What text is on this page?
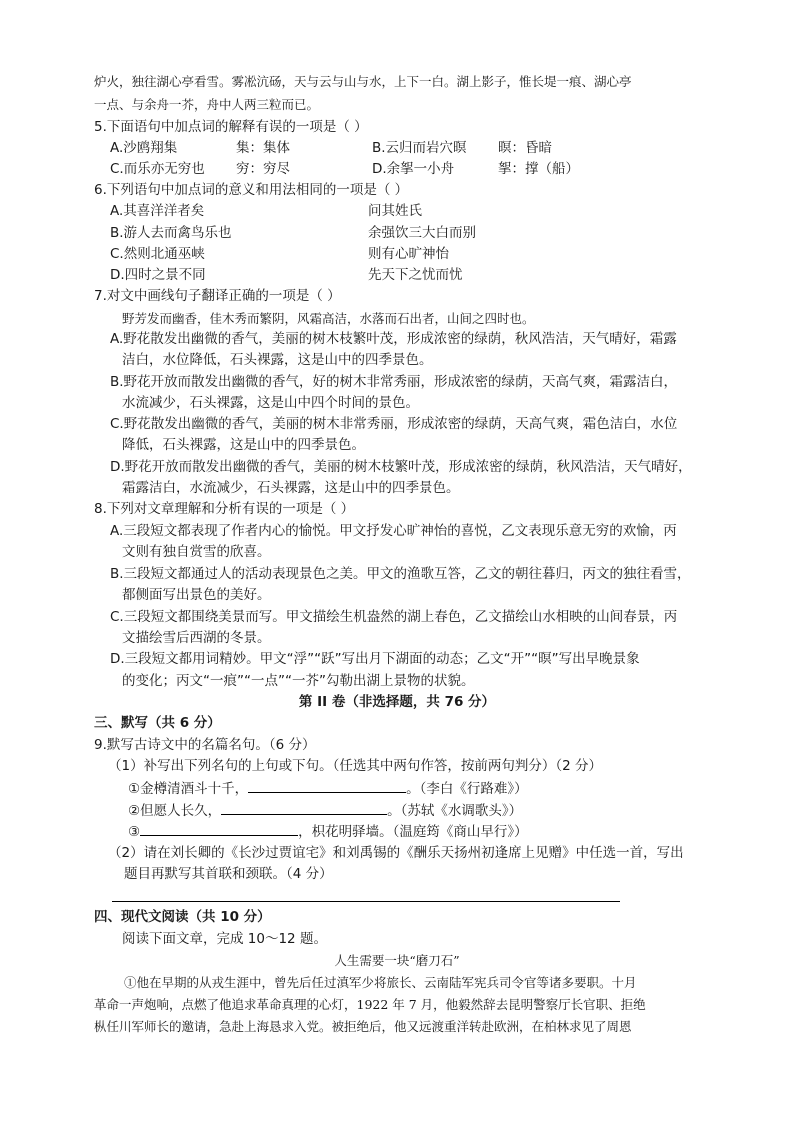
炉火，独往湖心亭看雪。雾凇沆砀，天与云与山与水，上下一白。湖上影子，惟长堤一痕、湖心亭
一点、与余舟一芥，舟中人两三粒而已。
5.下面语句中加点词的解释有误的一项是（ ）
A.沙鸥翔集	集：集体	B.云归而岩穴暝 暝：昏暗
C.而乐亦无穷也 穷：穷尽	D.余挐一小舟	挐：撑（船）
6.下列语句中加点词的意义和用法相同的一项是（ ）
A.其喜洋洋者矣	问其姓氏
B.游人去而禽鸟乐也	余强饮三大白而别
C.然则北通巫峡	则有心旷神怡
D.四时之景不同	先天下之忧而忧
7.对文中画线句子翻译正确的一项是（ ）
野芳发而幽香，佳木秀而繁阴，风霜高洁，水落而石出者，山间之四时也。
A.野花散发出幽微的香气，美丽的树木枝繁叶茂，形成浓密的绿荫，秋风浩洁，天气晴好，霜露
洁白，水位降低，石头裸露，这是山中的四季景色。
B.野花开放而散发出幽微的香气，好的树木非常秀丽，形成浓密的绿荫，天高气爽，霜露洁白，
水流减少，石头裸露，这是山中四个时间的景色。
C.野花散发出幽微的香气，美丽的树木非常秀丽，形成浓密的绿荫，天高气爽，霜色洁白，水位
降低，石头裸露，这是山中的四季景色。
D.野花开放而散发出幽微的香气，美丽的树木枝繁叶茂，形成浓密的绿荫，秋风浩洁，天气晴好，
霜露洁白，水流减少，石头裸露，这是山中的四季景色。
8.下列对文章理解和分析有误的一项是（ ）
A.三段短文都表现了作者内心的愉悦。甲文抒发心旷神怡的喜悦，乙文表现乐意无穷的欢愉，丙
文则有独自赏雪的欣喜。
B.三段短文都通过人的活动表现景色之美。甲文的渔歌互答，乙文的朝往暮归，丙文的独往看雪，
都侧面写出景色的美好。
C.三段短文都围绕美景而写。甲文描绘生机盎然的湖上春色，乙文描绘山水相映的山间春景，丙
文描绘雪后西湖的冬景。
D.三段短文都用词精妙。甲文“浮”“跃”写出月下湖面的动态；乙文“开”“暝”写出早晚景象
的变化；丙文“一痕”“一点”“一芥”勾勒出湖上景物的状貌。
第 II 卷（非选择题，共 76 分）
三、默写（共 6 分）
9.默写古诗文中的名篇名句。（6 分）
（1）补写出下列名句的上句或下句。（任选其中两句作答，按前两句判分）（2 分）
①金樽清酒斗十千，	。（李白《行路难》）
②但愿人长久，	。（苏轼《水调歌头》）
③	，枳花明驿墙。（温庭筠《商山早行》）
（2）请在刘长卿的《长沙过贾谊宅》和刘禹锡的《酬乐天扬州初逢席上见赠》中任选一首，写出
题目再默写其首联和颈联。（4 分）
四、现代文阅读（共 10 分）
阅读下面文章，完成 10～12 题。
人生需要一块“磨刀石”
①他在早期的从戎生涯中，曾先后任过滇军少将旅长、云南陆军宪兵司令官等诸多要职。十月
革命一声炮响，点燃了他追求革命真理的心灯，1922 年 7 月，他毅然辞去昆明警察厅长官职、拒绝
枞任川军师长的邀请，急赴上海恳求入党。被拒绝后，他又远渡重洋转赴欧洲，在柏林求见了周恩
